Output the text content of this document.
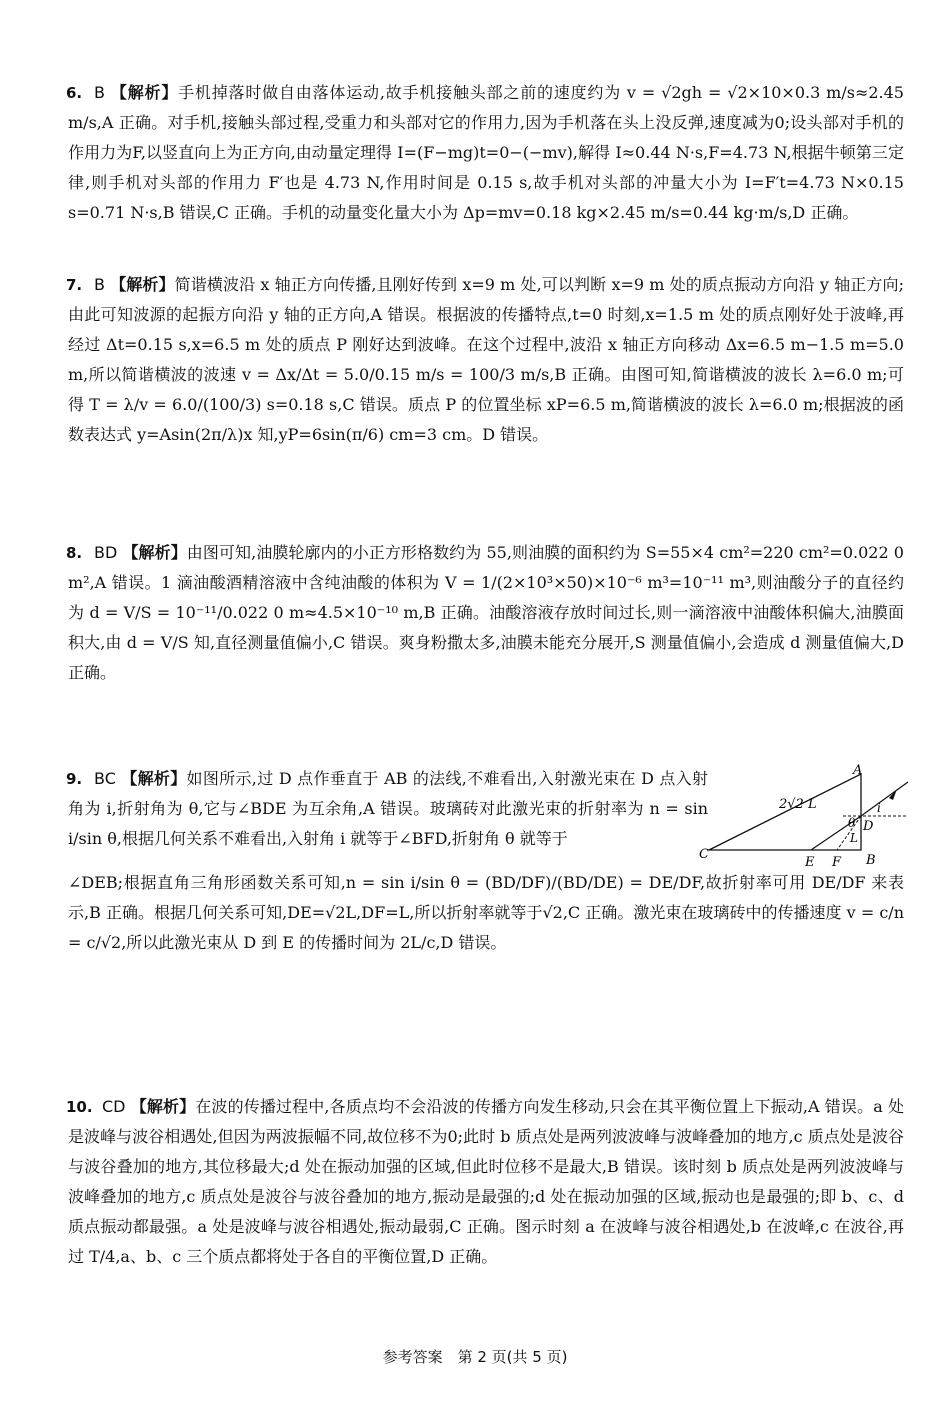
6. B 【解析】手机掉落时做自由落体运动,故手机接触头部之前的速度约为 v = √2gh = √2×10×0.3 m/s≈2.45 m/s,A 正确。对手机,接触头部过程,受重力和头部对它的作用力,因为手机落在头上没反弹,速度减为0;设头部对手机的作用力为F,以竖直向上为正方向,由动量定理得 I=(F−mg)t=0−(−mv),解得 I≈0.44 N·s,F=4.73 N,根据牛顿第三定律,则手机对头部的作用力 F′也是 4.73 N,作用时间是 0.15 s,故手机对头部的冲量大小为 I=F′t=4.73 N×0.15 s=0.71 N·s,B 错误,C 正确。手机的动量变化量大小为 Δp=mv=0.18 kg×2.45 m/s=0.44 kg·m/s,D 正确。

7. B 【解析】简谐横波沿 x 轴正方向传播,且刚好传到 x=9 m 处,可以判断 x=9 m 处的质点振动方向沿 y 轴正方向;由此可知波源的起振方向沿 y 轴的正方向,A 错误。根据波的传播特点,t=0 时刻,x=1.5 m 处的质点刚好处于波峰,再经过 Δt=0.15 s,x=6.5 m 处的质点 P 刚好达到波峰。在这个过程中,波沿 x 轴正方向移动 Δx=6.5 m−1.5 m=5.0 m,所以简谐横波的波速 v = Δx/Δt = 5.0/0.15 m/s = 100/3 m/s,B 正确。由图可知,简谐横波的波长 λ=6.0 m;可得 T = λ/v = 6.0/(100/3) s=0.18 s,C 错误。质点 P 的位置坐标 xP=6.5 m,简谐横波的波长 λ=6.0 m;根据波的函数表达式 y=Asin(2π/λ)x 知,yP=6sin(π/6) cm=3 cm。D 错误。

8. BD 【解析】由图可知,油膜轮廓内的小正方形格数约为 55,则油膜的面积约为 S=55×4 cm²=220 cm²=0.022 0 m²,A 错误。1 滴油酸酒精溶液中含纯油酸的体积为 V = 1/(2×10³×50)×10⁻⁶ m³=10⁻¹¹ m³,则油酸分子的直径约为 d = V/S = 10⁻¹¹/0.022 0 m≈4.5×10⁻¹⁰ m,B 正确。油酸溶液存放时间过长,则一滴溶液中油酸体积偏大,油膜面积大,由 d = V/S 知,直径测量值偏小,C 错误。爽身粉撒太多,油膜未能充分展开,S 测量值偏小,会造成 d 测量值偏大,D 正确。

9. BC 【解析】如图所示,过 D 点作垂直于 AB 的法线,不难看出,入射激光束在 D 点入射角为 i,折射角为 θ,它与∠BDE 为互余角,A 错误。玻璃砖对此激光束的折射率为 n = sin i/sin θ,根据几何关系不难看出,入射角 i 就等于∠BFD,折射角 θ 就等于

∠DEB;根据直角三角形函数关系可知,n = sin i/sin θ = (BD/DF)/(BD/DE) = DE/DF,故折射率可用 DE/DF 来表示,B 正确。根据几何关系可知,DE=√2L,DF=L,所以折射率就等于√2,C 正确。激光束在玻璃砖中的传播速度 v = c/n = c/√2,所以此激光束从 D 到 E 的传播时间为 2L/c,D 错误。

10. CD 【解析】在波的传播过程中,各质点均不会沿波的传播方向发生移动,只会在其平衡位置上下振动,A 错误。a 处是波峰与波谷相遇处,但因为两波振幅不同,故位移不为0;此时 b 质点处是两列波波峰与波峰叠加的地方,c 质点处是波谷与波谷叠加的地方,其位移最大;d 处在振动加强的区域,但此时位移不是最大,B 错误。该时刻 b 质点处是两列波波峰与波峰叠加的地方,c 质点处是波谷与波谷叠加的地方,振动是最强的;d 处在振动加强的区域,振动也是最强的;即 b、c、d 质点振动都最强。a 处是波峰与波谷相遇处,振动最弱,C 正确。图示时刻 a 在波峰与波谷相遇处,b 在波峰,c 在波谷,再过 T/4,a、b、c 三个质点都将处于各自的平衡位置,D 正确。

A
B
C
D
E F
i
θ
L
2√2 L
参考答案　第 2 页(共 5 页)
